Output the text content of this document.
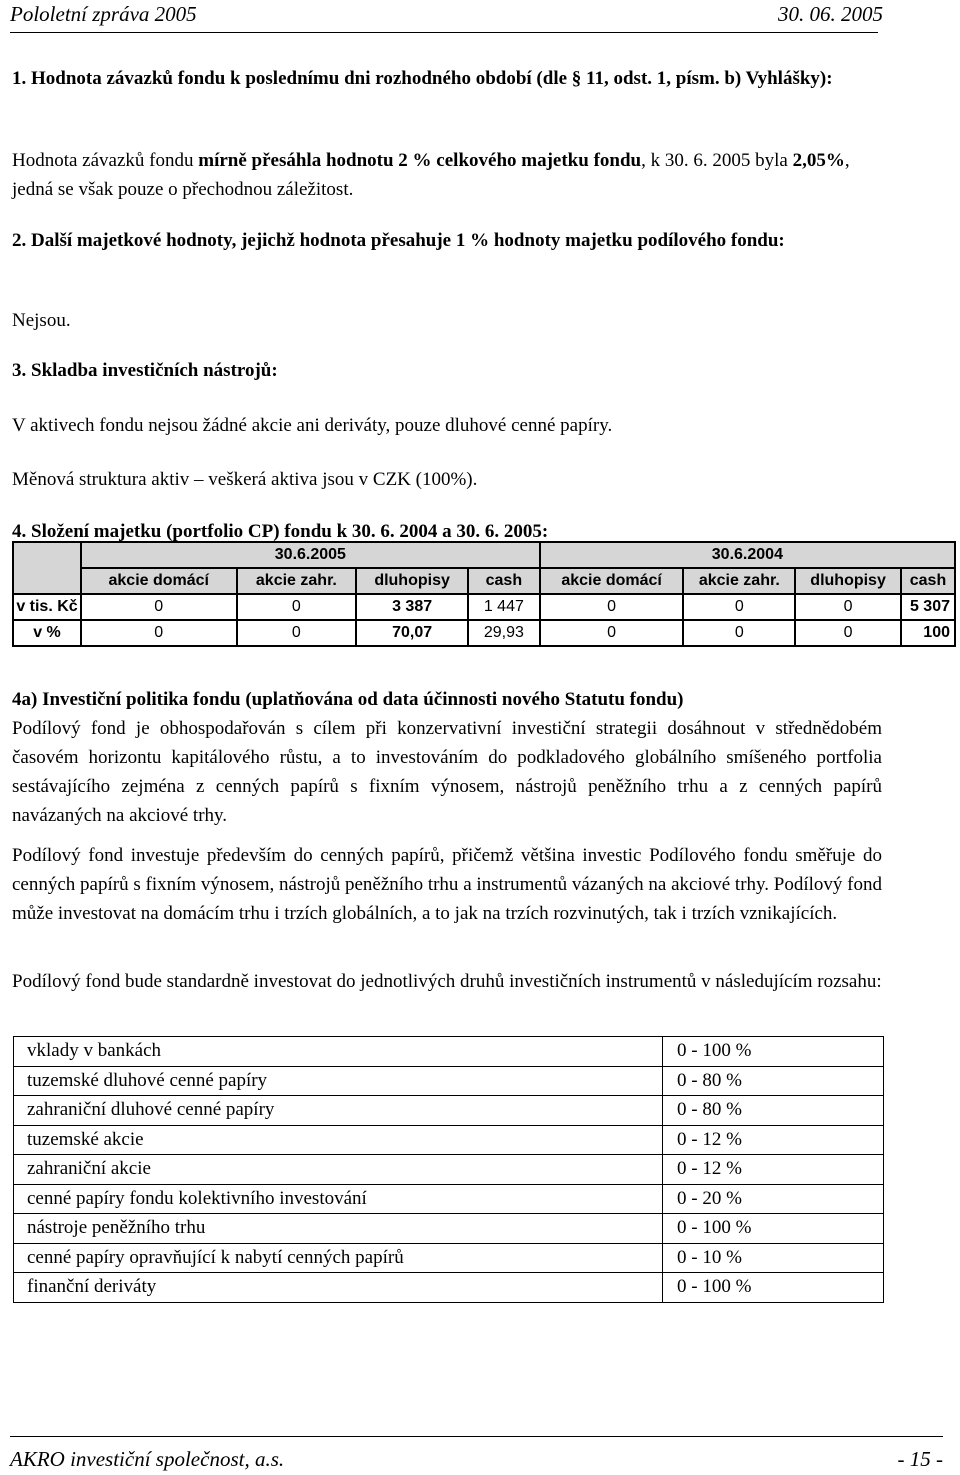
Pololetní zpráva 2005	30. 06. 2005

1. Hodnota závazků fondu k poslednímu dni rozhodného období (dle § 11, odst. 1, písm. b) Vyhlášky):

Hodnota závazků fondu mírně přesáhla hodnotu 2 % celkového majetku fondu, k 30. 6. 2005 byla 2,05%, jedná se však pouze o přechodnou záležitost.

2. Další majetkové hodnoty, jejichž hodnota přesahuje 1 % hodnoty majetku podílového fondu:

Nejsou.

3. Skladba investičních nástrojů:

V aktivech fondu nejsou žádné akcie ani deriváty, pouze dluhové cenné papíry.

Měnová struktura aktiv – veškerá aktiva jsou v CZK (100%).

4. Složení majetku (portfolio CP) fondu k 30. 6. 2004 a 30. 6. 2005:

	30.6.2005				30.6.2004			
	akcie domácí	akcie zahr.	dluhopisy	cash	akcie domácí	akcie zahr.	dluhopisy	cash
v tis. Kč	0	0	3 387	1 447	0	0	0	5 307
v %	0	0	70,07	29,93	0	0	0	100

4a) Investiční politika fondu (uplatňována od data účinnosti nového Statutu fondu)

Podílový fond je obhospodařován s cílem při konzervativní investiční strategii dosáhnout v střednědobém časovém horizontu kapitálového růstu, a to investováním do podkladového globálního smíšeného portfolia sestávajícího zejména z cenných papírů s fixním výnosem, nástrojů peněžního trhu a z cenných papírů navázaných na akciové trhy.

Podílový fond investuje především do cenných papírů, přičemž většina investic Podílového fondu směřuje do cenných papírů s fixním výnosem, nástrojů peněžního trhu a instrumentů vázaných na akciové trhy. Podílový fond může investovat na domácím trhu i trzích globálních, a to jak na trzích rozvinutých, tak i trzích vznikajících.

Podílový fond bude standardně investovat do jednotlivých druhů investičních instrumentů v následujícím rozsahu:

vklady v bankách	0 - 100 %
tuzemské dluhové cenné papíry	0 - 80 %
zahraniční dluhové cenné papíry	0 - 80 %
tuzemské akcie	0 - 12 %
zahraniční akcie	0 - 12 %
cenné papíry fondu kolektivního investování	0 - 20 %
nástroje peněžního trhu	0 - 100 %
cenné papíry opravňující k nabytí cenných papírů	0 - 10 %
finanční deriváty	0 - 100 %
AKRO investiční společnost, a.s.	- 15 -
